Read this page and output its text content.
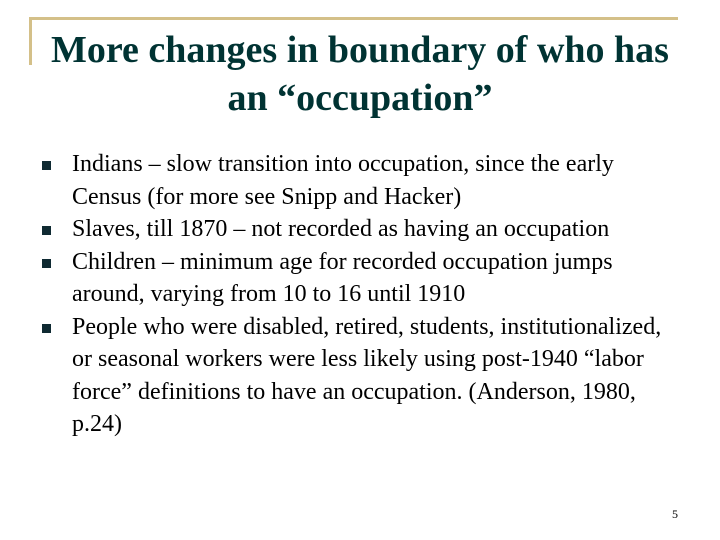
More changes in boundary of who has an “occupation”
Indians – slow transition into occupation, since the early Census (for more see Snipp and Hacker)
Slaves, till 1870 – not recorded as having an occupation
Children – minimum age for recorded occupation jumps around, varying from 10 to 16 until 1910
People who were disabled, retired, students, institutionalized, or seasonal workers were less likely using post-1940 “labor force” definitions to have an occupation. (Anderson, 1980, p.24)
5
